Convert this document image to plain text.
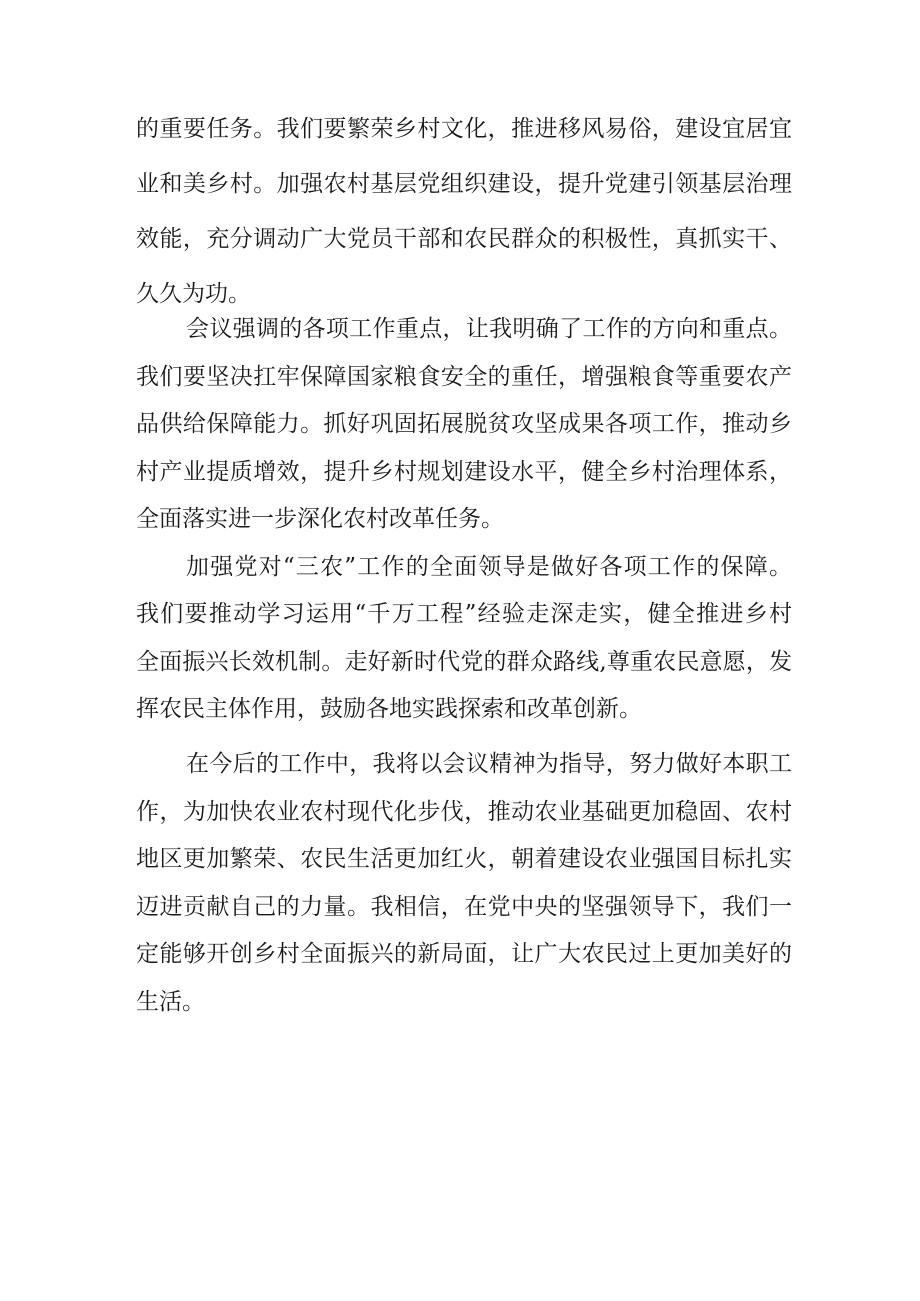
的重要任务。我们要繁荣乡村文化，推进移风易俗，建设宜居宜
业和美乡村。加强农村基层党组织建设，提升党建引领基层治理
效能，充分调动广大党员干部和农民群众的积极性，真抓实干、
久久为功。
会议强调的各项工作重点，让我明确了工作的方向和重点。
我们要坚决扛牢保障国家粮食安全的重任，增强粮食等重要农产
品供给保障能力。抓好巩固拓展脱贫攻坚成果各项工作，推动乡
村产业提质增效，提升乡村规划建设水平，健全乡村治理体系，
全面落实进一步深化农村改革任务。
加强党对“三农”工作的全面领导是做好各项工作的保障。
我们要推动学习运用“千万工程”经验走深走实，健全推进乡村
全面振兴长效机制。走好新时代党的群众路线,尊重农民意愿，发
挥农民主体作用，鼓励各地实践探索和改革创新。
在今后的工作中，我将以会议精神为指导，努力做好本职工
作，为加快农业农村现代化步伐，推动农业基础更加稳固、农村
地区更加繁荣、农民生活更加红火，朝着建设农业强国目标扎实
迈进贡献自己的力量。我相信，在党中央的坚强领导下，我们一
定能够开创乡村全面振兴的新局面，让广大农民过上更加美好的
生活。
